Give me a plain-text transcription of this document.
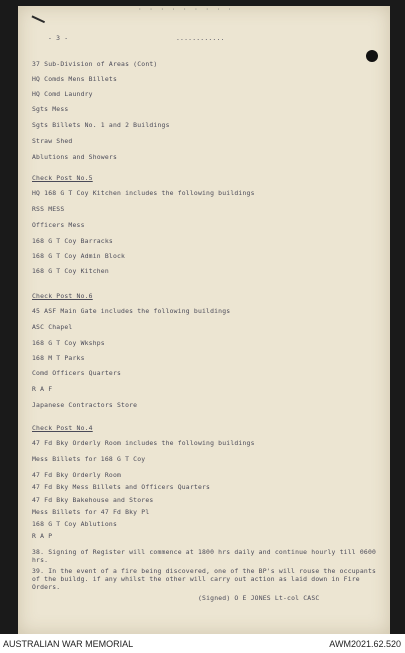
· · · · · · · · ·
- 3 -	............
37 Sub-Division of Areas (Cont)
HQ Comds Mens Billets
HQ Comd Laundry
Sgts Mess
Sgts Billets No. 1 and 2 Buildings
Straw Shed
Ablutions and Showers
Check Post No.5
HQ 168 G T Coy Kitchen includes the following buildings
RSS MESS
Officers Mess
168 G T Coy Barracks
168 G T Coy Admin Block
168 G T Coy Kitchen
Check Post No.6
45 ASF Main Gate includes the following buildings
ASC Chapel
168 G T Coy Wkshps
168 M T Parks
Comd Officers Quarters
R A F
Japanese Contractors Store
Check Post No.4
47 Fd Bky Orderly Room includes the following buildings
Mess Billets for 168 G T Coy
47 Fd Bky Orderly Room
47 Fd Bky Mess Billets and Officers Quarters
47 Fd Bky Bakehouse and Stores
Mess Billets for 47 Fd Bky Pl
168 G T Coy Ablutions
R A P
38. Signing of Register will commence at 1800 hrs daily and continue hourly till 0600 hrs.
39. In the event of a fire being discovered, one of the BP's will rouse the occupants of the buildg. if any whilst the other will carry out action as laid down in Fire Orders.
(Signed) O E JONES Lt-col CASC
AUSTRALIAN WAR MEMORIAL	AWM2021.62.520
